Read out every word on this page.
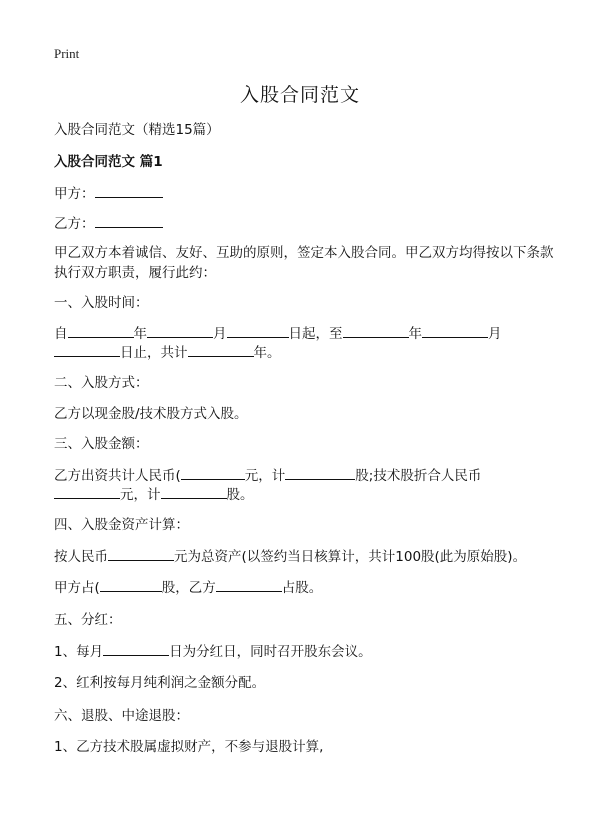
Print
入股合同范文
入股合同范文（精选15篇）
入股合同范文 篇1
甲方：
乙方：
甲乙双方本着诚信、友好、互助的原则，签定本入股合同。甲乙双方均得按以下条款执行双方职责，履行此约：
一、入股时间：
自	年	月	日起，至	年	月
日止，共计	年。
二、入股方式：
乙方以现金股/技术股方式入股。
三、入股金额：
乙方出资共计人民币(	元，计	股;技术股折合人民币
元，计	股。
四、入股金资产计算：
按人民币	元为总资产(以签约当日核算计，共计100股(此为原始股)。
甲方占(	股，乙方	占股。
五、分红：
1、每月	日为分红日，同时召开股东会议。
2、红利按每月纯利润之金额分配。
六、退股、中途退股：
1、乙方技术股属虚拟财产，不参与退股计算,
